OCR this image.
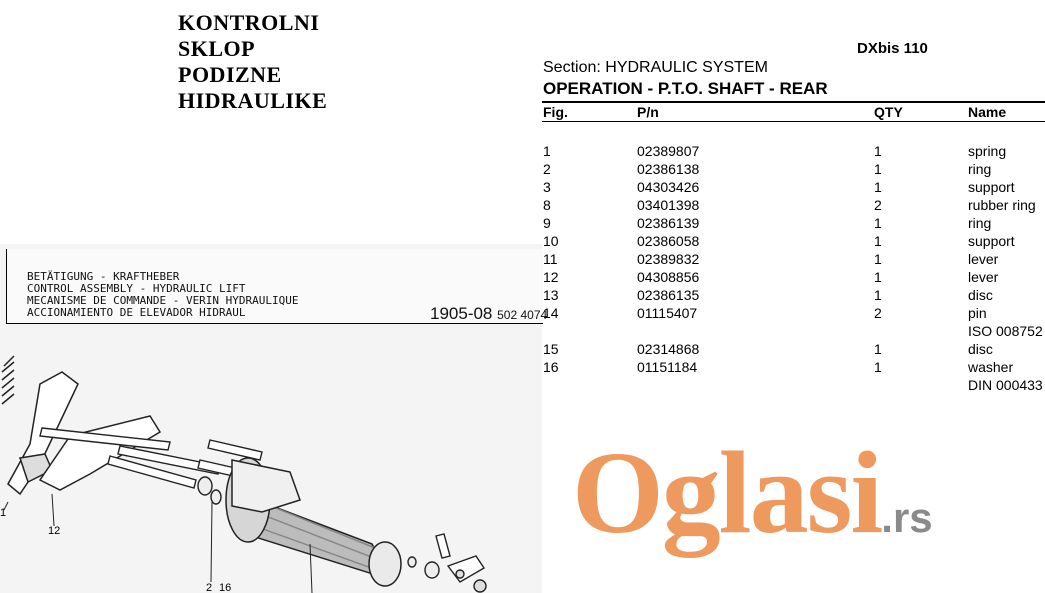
KONTROLNI
SKLOP
PODIZNE
HIDRAULIKE
DXbis 110
Section: HYDRAULIC SYSTEM
OPERATION - P.T.O. SHAFT - REAR
Fig.	P/n	QTY	Name
1	02389807	1	spring
2	02386138	1	ring
3	04303426	1	support
8	03401398	2	rubber ring
9	02386139	1	ring
10	02386058	1	support
11	02389832	1	lever
12	04308856	1	lever
13	02386135	1	disc
14	01115407	2	pin
ISO 008752
15	02314868	1	disc
16	01151184	1	washer
DIN 000433
BETÄTIGUNG - KRAFTHEBER
CONTROL ASSEMBLY - HYDRAULIC LIFT
MECANISME DE COMMANDE - VERIN HYDRAULIQUE
ACCIONAMIENTO DE ELEVADOR HIDRAUL	1905-08 502 4074
1
12
2 16
Oglasi.rs
